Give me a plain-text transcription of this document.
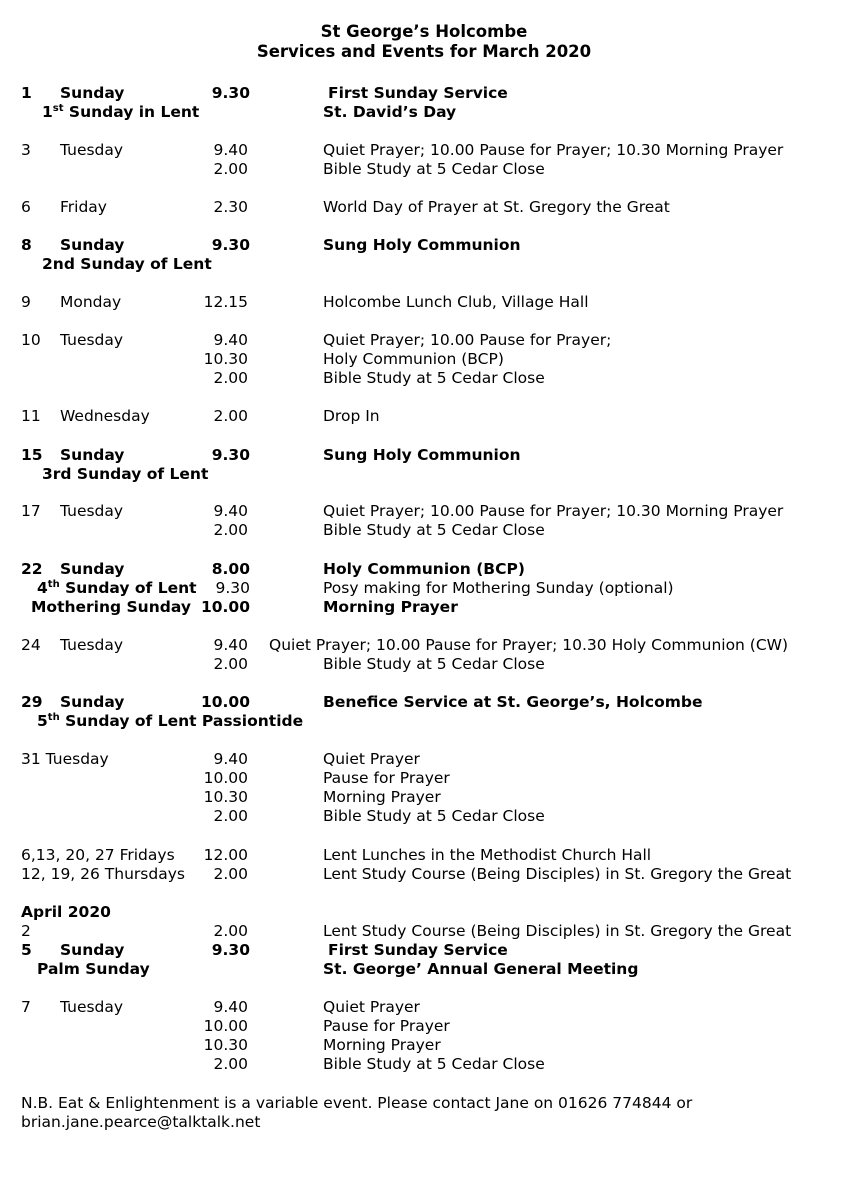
St George’s Holcombe
Services and Events for March 2020
1 Sunday	9.30	First Sunday Service
1st Sunday in Lent	St. David’s Day
3 Tuesday	9.40	Quiet Prayer; 10.00 Pause for Prayer; 10.30 Morning Prayer
2.00	Bible Study at 5 Cedar Close
6 Friday	2.30	World Day of Prayer at St. Gregory the Great
8 Sunday	9.30	Sung Holy Communion
2nd Sunday of Lent
9 Monday	12.15	Holcombe Lunch Club, Village Hall
10 Tuesday	9.40	Quiet Prayer; 10.00 Pause for Prayer;
10.30	Holy Communion (BCP)
2.00	Bible Study at 5 Cedar Close
11 Wednesday	2.00	Drop In
15 Sunday	9.30	Sung Holy Communion
3rd Sunday of Lent
17 Tuesday	9.40	Quiet Prayer; 10.00 Pause for Prayer; 10.30 Morning Prayer
2.00	Bible Study at 5 Cedar Close
22 Sunday	8.00	Holy Communion (BCP)
4th Sunday of Lent	9.30	Posy making for Mothering Sunday (optional)
Mothering Sunday 10.00	Morning Prayer
24 Tuesday	9.40 Quiet Prayer; 10.00 Pause for Prayer; 10.30 Holy Communion (CW)
2.00	Bible Study at 5 Cedar Close
29 Sunday	10.00	Benefice Service at St. George’s, Holcombe
5th Sunday of Lent Passiontide
31 Tuesday	9.40	Quiet Prayer
10.00	Pause for Prayer
10.30	Morning Prayer
2.00	Bible Study at 5 Cedar Close
6,13, 20, 27 Fridays	12.00	Lent Lunches in the Methodist Church Hall
12, 19, 26 Thursdays	2.00	Lent Study Course (Being Disciples) in St. Gregory the Great
April 2020
2	2.00	Lent Study Course (Being Disciples) in St. Gregory the Great
5 Sunday	9.30	First Sunday Service
Palm Sunday	St. George’ Annual General Meeting
7 Tuesday	9.40	Quiet Prayer
10.00	Pause for Prayer
10.30	Morning Prayer
2.00	Bible Study at 5 Cedar Close
N.B. Eat & Enlightenment is a variable event. Please contact Jane on 01626 774844 or
brian.jane.pearce@talktalk.net
